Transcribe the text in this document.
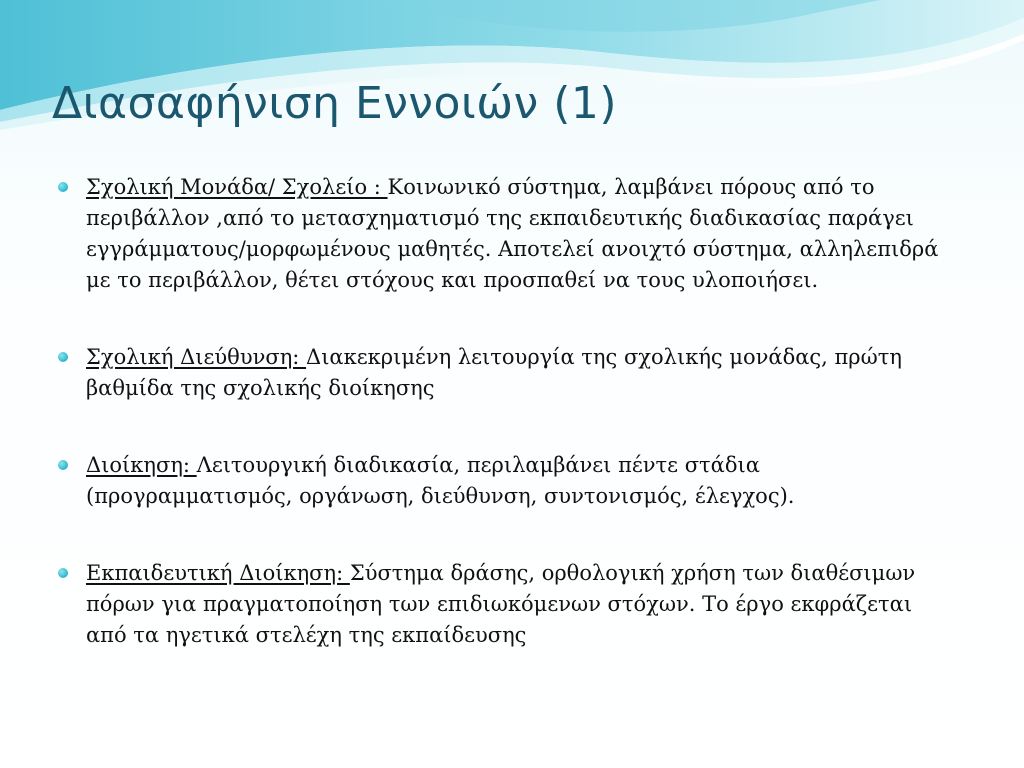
Διασαφήνιση Εννοιών (1)
Σχολική Μονάδα/ Σχολείο : Κοινωνικό σύστημα, λαμβάνει πόρους από το περιβάλλον ,από το μετασχηματισμό της εκπαιδευτικής διαδικασίας παράγει εγγράμματους/μορφωμένους μαθητές. Αποτελεί ανοιχτό σύστημα, αλληλεπιδρά με το περιβάλλον, θέτει στόχους και προσπαθεί να τους υλοποιήσει.
Σχολική Διεύθυνση: Διακεκριμένη λειτουργία της σχολικής μονάδας, πρώτη βαθμίδα της σχολικής διοίκησης
Διοίκηση: Λειτουργική διαδικασία, περιλαμβάνει πέντε στάδια (προγραμματισμός, οργάνωση, διεύθυνση, συντονισμός, έλεγχος).
Εκπαιδευτική Διοίκηση: Σύστημα δράσης, ορθολογική χρήση των διαθέσιμων πόρων για πραγματοποίηση των επιδιωκόμενων στόχων. Το έργο εκφράζεται από τα ηγετικά στελέχη της εκπαίδευσης
